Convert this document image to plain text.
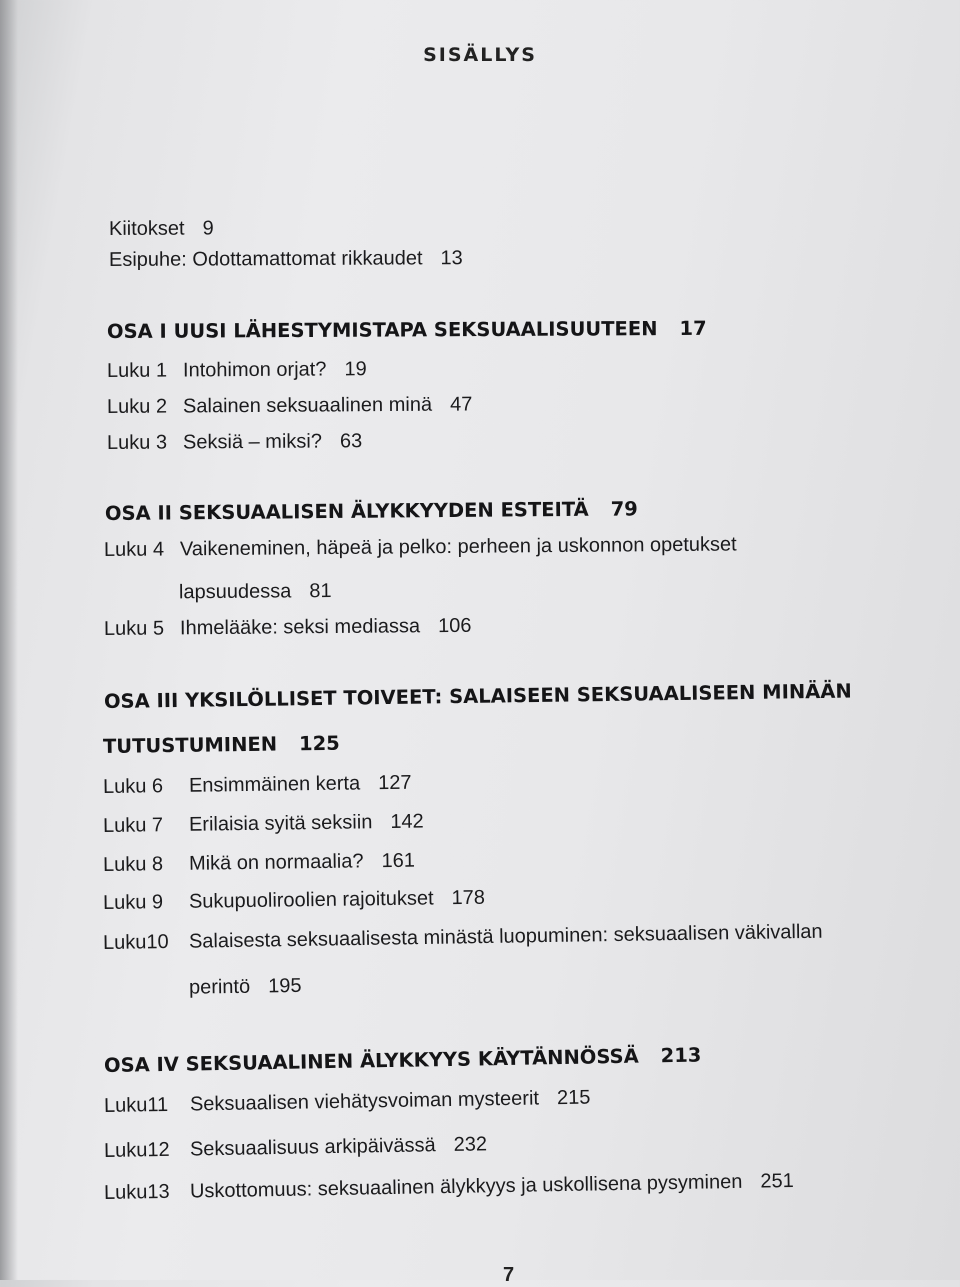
SISÄLLYS
Kiitokset 9
Esipuhe: Odottamattomat rikkaudet 13
OSA I UUSI LÄHESTYMISTAPA SEKSUAALISUUTEEN 17
Luku 1 Intohimon orjat? 19
Luku 2 Salainen seksuaalinen minä 47
Luku 3 Seksiä – miksi? 63
OSA II SEKSUAALISEN ÄLYKKYYDEN ESTEITÄ 79
Luku 4 Vaikeneminen, häpeä ja pelko: perheen ja uskonnon opetukset
lapsuudessa 81
Luku 5 Ihmelääke: seksi mediassa 106
OSA III YKSILÖLLISET TOIVEET: SALAISEEN SEKSUAALISEEN MINÄÄN
TUTUSTUMINEN 125
Luku 6 Ensimmäinen kerta 127
Luku 7 Erilaisia syitä seksiin 142
Luku 8 Mikä on normaalia? 161
Luku 9 Sukupuoliroolien rajoitukset 178
Luku10 Salaisesta seksuaalisesta minästä luopuminen: seksuaalisen väkivallan
perintö 195
OSA IV SEKSUAALINEN ÄLYKKYYS KÄYTÄNNÖSSÄ 213
Luku11 Seksuaalisen viehätysvoiman mysteerit 215
Luku12 Seksuaalisuus arkipäivässä 232
Luku13 Uskottomuus: seksuaalinen älykkyys ja uskollisena pysyminen 251
7
